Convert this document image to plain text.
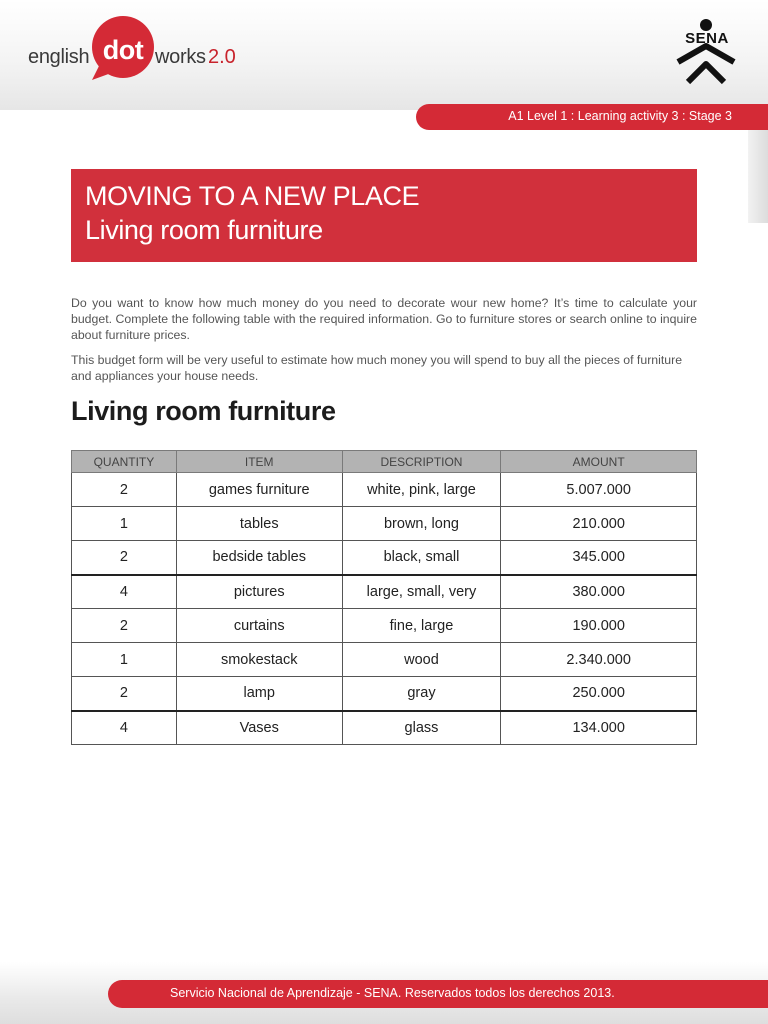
english dot works 2.0
SENA
A1 Level 1 : Learning activity 3 : Stage 3
MOVING TO A NEW PLACE
Living room furniture

Do you want to know how much money do you need to decorate wour new home? It’s time to calculate your budget. Complete the following table with the required information. Go to furniture stores or search online to inquire about furniture prices.

This budget form will be very useful to estimate how much money you will spend to buy all the pieces of furniture and appliances your house needs.

Living room furniture
QUANTITY	ITEM	DESCRIPTION	AMOUNT
2	games furniture	white, pink, large	5.007.000
1	tables	brown, long	210.000
2	bedside tables	black, small	345.000
4	pictures	large, small, very	380.000
2	curtains	fine, large	190.000
1	smokestack	wood	2.340.000
2	lamp	gray	250.000
4	Vases	glass	134.000
Servicio Nacional de Aprendizaje - SENA. Reservados todos los derechos 2013.
